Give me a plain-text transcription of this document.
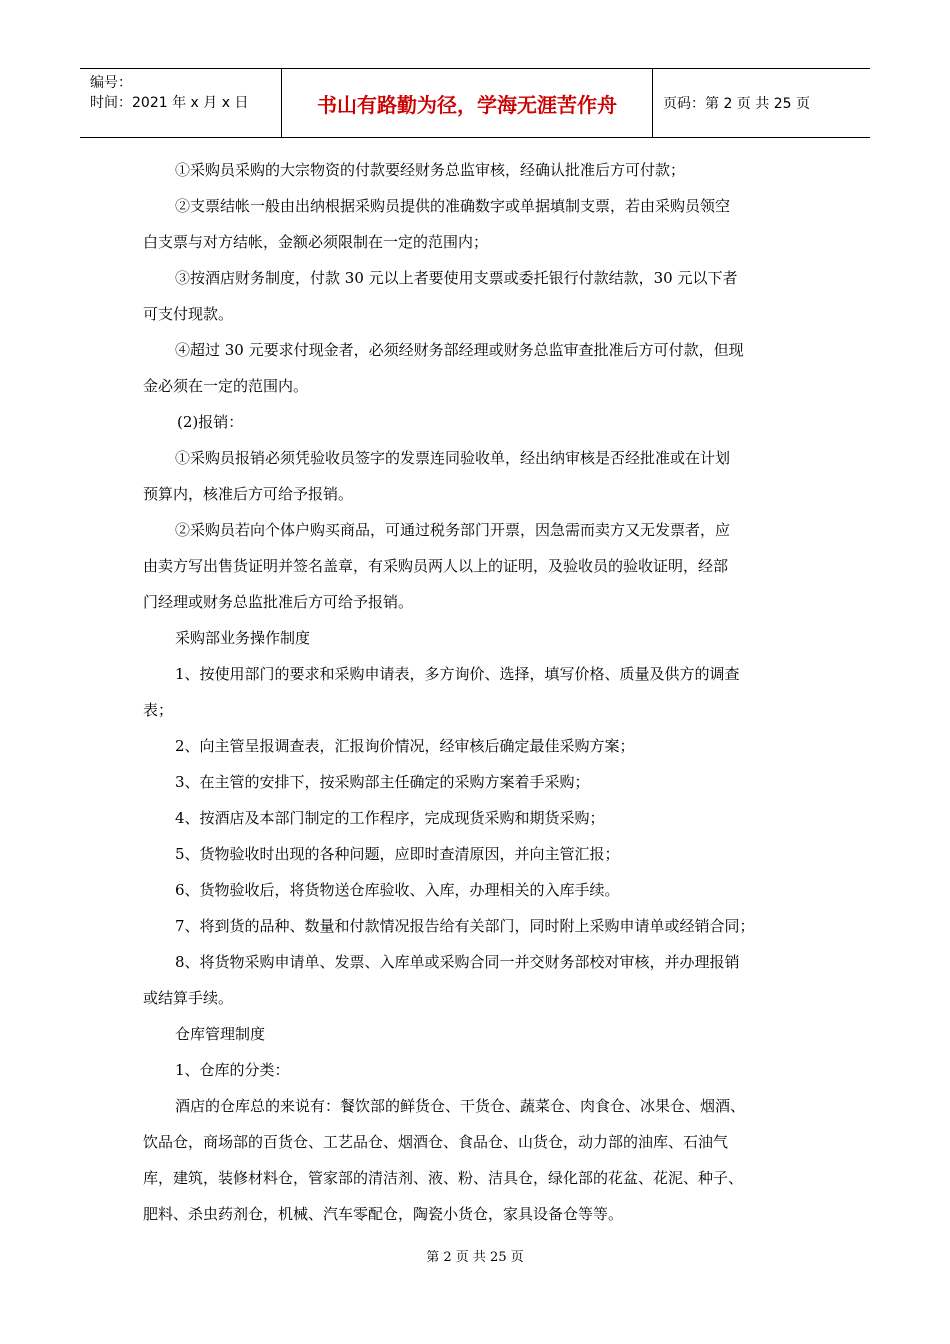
编号：
时间：2021 年 x 月 x 日	书山有路勤为径，学海无涯苦作舟	页码：第 2 页 共 25 页

①采购员采购的大宗物资的付款要经财务总监审核，经确认批准后方可付款；

②支票结帐一般由出纳根据采购员提供的准确数字或单据填制支票，若由采购员领空

白支票与对方结帐，金额必须限制在一定的范围内；

③按酒店财务制度，付款 30 元以上者要使用支票或委托银行付款结款，30 元以下者

可支付现款。

④超过 30 元要求付现金者，必须经财务部经理或财务总监审查批准后方可付款，但现

金必须在一定的范围内。

(2)报销：

①采购员报销必须凭验收员签字的发票连同验收单，经出纳审核是否经批准或在计划

预算内，核准后方可给予报销。

②采购员若向个体户购买商品，可通过税务部门开票，因急需而卖方又无发票者，应

由卖方写出售货证明并签名盖章，有采购员两人以上的证明，及验收员的验收证明，经部

门经理或财务总监批准后方可给予报销。

采购部业务操作制度

1、按使用部门的要求和采购申请表，多方询价、选择，填写价格、质量及供方的调查

表；

2、向主管呈报调查表，汇报询价情况，经审核后确定最佳采购方案；

3、在主管的安排下，按采购部主任确定的采购方案着手采购；

4、按酒店及本部门制定的工作程序，完成现货采购和期货采购；

5、货物验收时出现的各种问题，应即时查清原因，并向主管汇报；

6、货物验收后，将货物送仓库验收、入库，办理相关的入库手续。

7、将到货的品种、数量和付款情况报告给有关部门，同时附上采购申请单或经销合同；

8、将货物采购申请单、发票、入库单或采购合同一并交财务部校对审核，并办理报销

或结算手续。

仓库管理制度

1、仓库的分类：

酒店的仓库总的来说有：餐饮部的鲜货仓、干货仓、蔬菜仓、肉食仓、冰果仓、烟酒、

饮品仓，商场部的百货仓、工艺品仓、烟酒仓、食品仓、山货仓，动力部的油库、石油气

库，建筑，装修材料仓，管家部的清洁剂、液、粉、洁具仓，绿化部的花盆、花泥、种子、

肥料、杀虫药剂仓，机械、汽车零配仓，陶瓷小货仓，家具设备仓等等。

第 2 页 共 25 页
